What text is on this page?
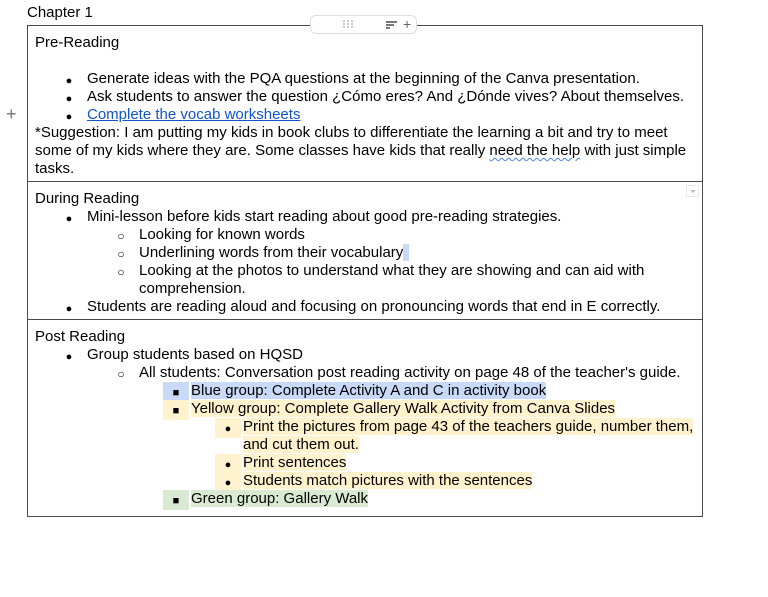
Chapter 1
+
+

Pre-Reading

●
Generate ideas with the PQA questions at the beginning of the Canva presentation.
●
Ask students to answer the question ¿Cómo eres? And ¿Dónde vives? About themselves.
●
Complete the vocab worksheets

*Suggestion: I am putting my kids in book clubs to differentiate the learning a bit and try to meet some of my kids where they are. Some classes have kids that really need the help with just simple tasks.

During Reading

●
Mini-lesson before kids start reading about good pre-reading strategies.
○
Looking for known words
○
Underlining words from their vocabulary
○
Looking at the photos to understand what they are showing and can aid with comprehension.
●
Students are reading aloud and focusing on pronouncing words that end in E correctly.

Post Reading

●
Group students based on HQSD
○
All students: Conversation post reading activity on page 48 of the teacher's guide.
■
Blue group: Complete Activity A and C in activity book
■
Yellow group: Complete Gallery Walk Activity from Canva Slides
●
Print the pictures from page 43 of the teachers guide, number them, and cut them out.
●
Print sentences
●
Students match pictures with the sentences
■
Green group: Gallery Walk
